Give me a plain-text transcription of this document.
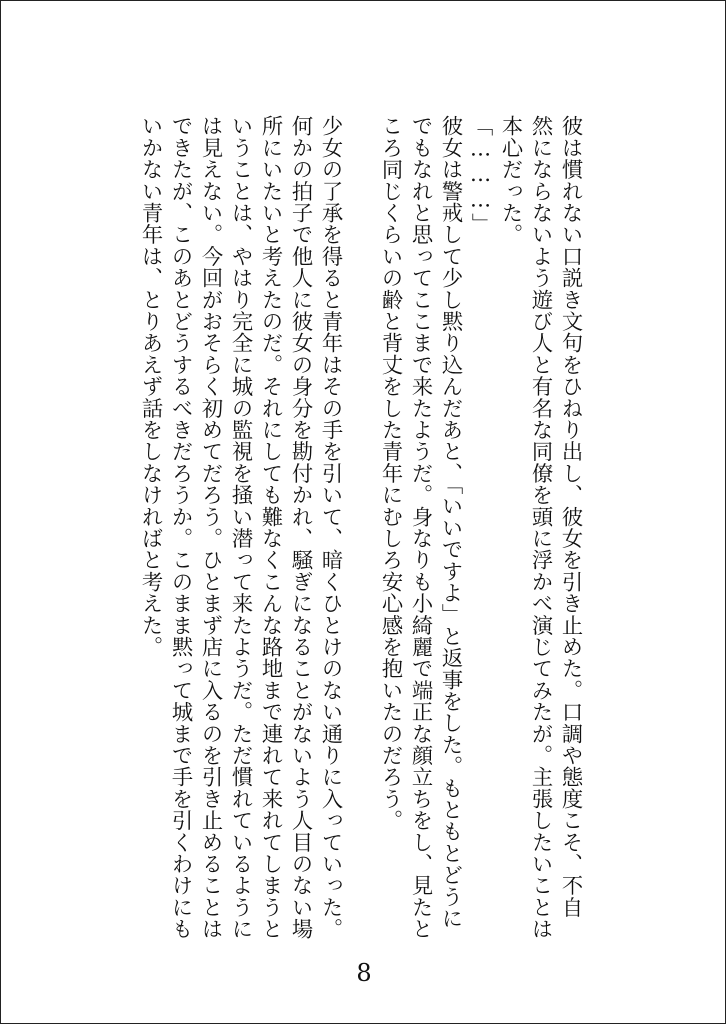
彼は慣れない口説き文句をひねり出し、彼女を引き止めた。口調や態度こそ、不自
然にならないよう遊び人と有名な同僚を頭に浮かべ演じてみたが。主張したいことは
本心だった。
「………」
彼女は警戒して少し黙り込んだあと、「いいですよ」と返事をした。もともとどうに
でもなれと思ってここまで来たようだ。身なりも小綺麗で端正な顔立ちをし、見たと
ころ同じくらいの齢と背丈をした青年にむしろ安心感を抱いたのだろう。
少女の了承を得ると青年はその手を引いて、暗くひとけのない通りに入っていった。
何かの拍子で他人に彼女の身分を勘付かれ、騒ぎになることがないよう人目のない場
所にいたいと考えたのだ。それにしても難なくこんな路地まで連れて来れてしまうと
いうことは、やはり完全に城の監視を掻い潜って来たようだ。ただ慣れているように
は見えない。今回がおそらく初めてだろう。ひとまず店に入るのを引き止めることは
できたが、このあとどうするべきだろうか。このまま黙って城まで手を引くわけにも
いかない青年は、とりあえず話をしなければと考えた。
8
